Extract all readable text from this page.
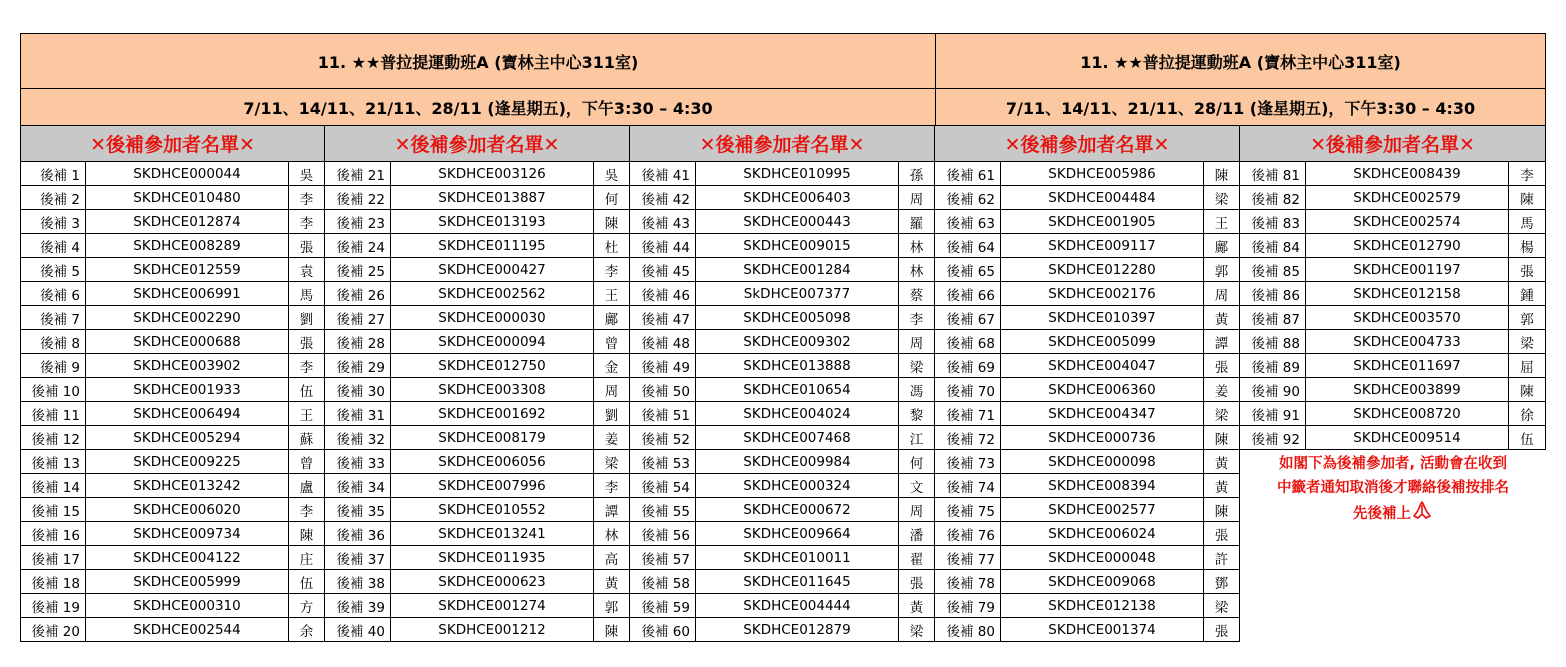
11. ★★普拉提運動班A (寶林主中心311室)	11. ★★普拉提運動班A (寶林主中心311室)
7/11、14/11、21/11、28/11 (逢星期五)，下午3:30 – 4:30	7/11、14/11、21/11、28/11 (逢星期五)，下午3:30 – 4:30
✕後補參加者名單✕
後補 1	SKDHCE000044	吳
後補 2	SKDHCE010480	李
後補 3	SKDHCE012874	李
後補 4	SKDHCE008289	張
後補 5	SKDHCE012559	袁
後補 6	SKDHCE006991	馬
後補 7	SKDHCE002290	劉
後補 8	SKDHCE000688	張
後補 9	SKDHCE003902	李
後補 10	SKDHCE001933	伍
後補 11	SKDHCE006494	王
後補 12	SKDHCE005294	蘇
後補 13	SKDHCE009225	曾
後補 14	SKDHCE013242	盧
後補 15	SKDHCE006020	李
後補 16	SKDHCE009734	陳
後補 17	SKDHCE004122	庄
後補 18	SKDHCE005999	伍
後補 19	SKDHCE000310	方
後補 20	SKDHCE002544	余
✕後補參加者名單✕
後補 21	SKDHCE003126	吳
後補 22	SKDHCE013887	何
後補 23	SKDHCE013193	陳
後補 24	SKDHCE011195	杜
後補 25	SKDHCE000427	李
後補 26	SKDHCE002562	王
後補 27	SKDHCE000030	鄺
後補 28	SKDHCE000094	曾
後補 29	SKDHCE012750	金
後補 30	SKDHCE003308	周
後補 31	SKDHCE001692	劉
後補 32	SKDHCE008179	姜
後補 33	SKDHCE006056	梁
後補 34	SKDHCE007996	李
後補 35	SKDHCE010552	譚
後補 36	SKDHCE013241	林
後補 37	SKDHCE011935	高
後補 38	SKDHCE000623	黃
後補 39	SKDHCE001274	郭
後補 40	SKDHCE001212	陳
✕後補參加者名單✕
後補 41	SKDHCE010995	孫
後補 42	SKDHCE006403	周
後補 43	SKDHCE000443	羅
後補 44	SKDHCE009015	林
後補 45	SKDHCE001284	林
後補 46	SkDHCE007377	蔡
後補 47	SKDHCE005098	李
後補 48	SKDHCE009302	周
後補 49	SKDHCE013888	梁
後補 50	SKDHCE010654	馮
後補 51	SKDHCE004024	黎
後補 52	SKDHCE007468	江
後補 53	SKDHCE009984	何
後補 54	SKDHCE000324	文
後補 55	SKDHCE000672	周
後補 56	SKDHCE009664	潘
後補 57	SKDHCE010011	翟
後補 58	SKDHCE011645	張
後補 59	SKDHCE004444	黃
後補 60	SKDHCE012879	梁
✕後補參加者名單✕
後補 61	SKDHCE005986	陳
後補 62	SKDHCE004484	梁
後補 63	SKDHCE001905	王
後補 64	SKDHCE009117	鄺
後補 65	SKDHCE012280	郭
後補 66	SKDHCE002176	周
後補 67	SKDHCE010397	黃
後補 68	SKDHCE005099	譚
後補 69	SKDHCE004047	張
後補 70	SKDHCE006360	姜
後補 71	SKDHCE004347	梁
後補 72	SKDHCE000736	陳
後補 73	SKDHCE000098	黃
後補 74	SKDHCE008394	黃
後補 75	SKDHCE002577	陳
後補 76	SKDHCE006024	張
後補 77	SKDHCE000048	許
後補 78	SKDHCE009068	鄧
後補 79	SKDHCE012138	梁
後補 80	SKDHCE001374	張
✕後補參加者名單✕
後補 81	SKDHCE008439	李
後補 82	SKDHCE002579	陳
後補 83	SKDHCE002574	馬
後補 84	SKDHCE012790	楊
後補 85	SKDHCE001197	張
後補 86	SKDHCE012158	鍾
後補 87	SKDHCE003570	郭
後補 88	SKDHCE004733	梁
後補 89	SKDHCE011697	屈
後補 90	SKDHCE003899	陳
後補 91	SKDHCE008720	徐
後補 92	SKDHCE009514	伍
如閣下為後補參加者, 活動會在收到
中籤者通知取消後才聯絡後補按排名
先後補上
